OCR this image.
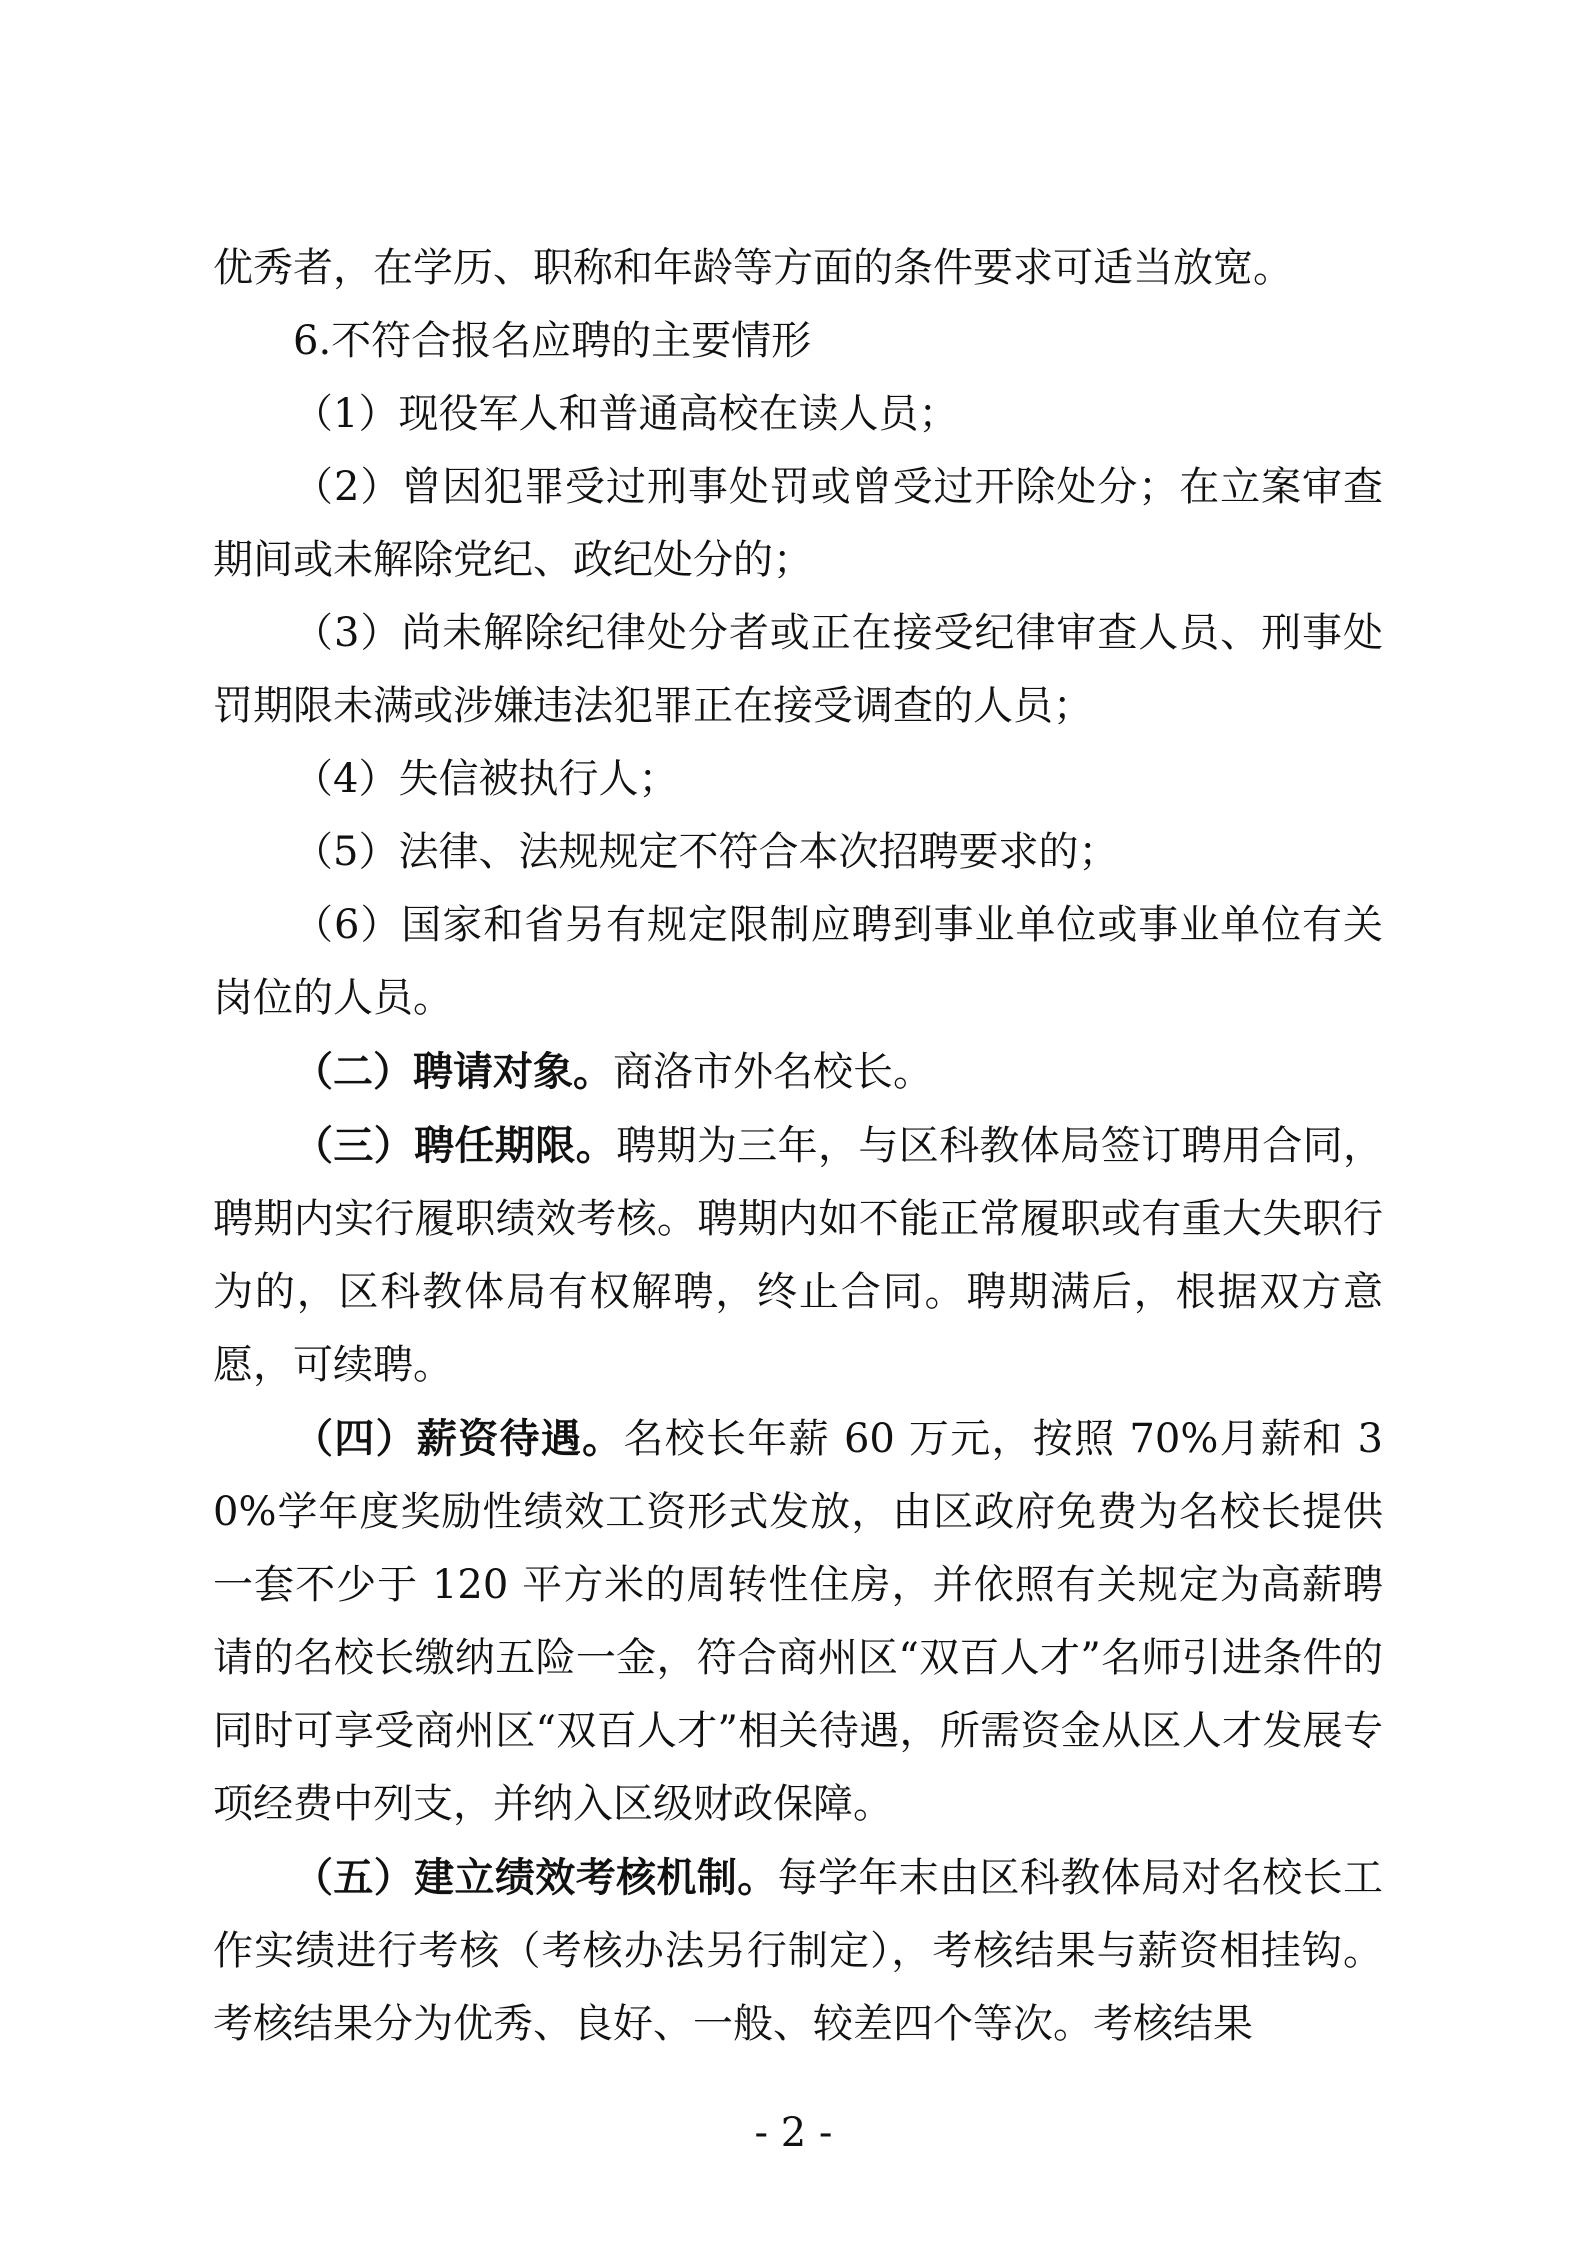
优秀者，在学历、职称和年龄等方面的条件要求可适当放宽。

6.不符合报名应聘的主要情形

（1）现役军人和普通高校在读人员；

（2）曾因犯罪受过刑事处罚或曾受过开除处分；在立案审查期间或未解除党纪、政纪处分的；

（3）尚未解除纪律处分者或正在接受纪律审查人员、刑事处罚期限未满或涉嫌违法犯罪正在接受调查的人员；

（4）失信被执行人；

（5）法律、法规规定不符合本次招聘要求的；

（6）国家和省另有规定限制应聘到事业单位或事业单位有关岗位的人员。

（二）聘请对象。商洛市外名校长。

（三）聘任期限。聘期为三年，与区科教体局签订聘用合同，聘期内实行履职绩效考核。聘期内如不能正常履职或有重大失职行为的，区科教体局有权解聘，终止合同。聘期满后，根据双方意愿，可续聘。

（四）薪资待遇。名校长年薪 60 万元，按照 70%月薪和 30%学年度奖励性绩效工资形式发放，由区政府免费为名校长提供一套不少于 120 平方米的周转性住房，并依照有关规定为高薪聘请的名校长缴纳五险一金，符合商州区“双百人才”名师引进条件的同时可享受商州区“双百人才”相关待遇，所需资金从区人才发展专项经费中列支，并纳入区级财政保障。

（五）建立绩效考核机制。每学年末由区科教体局对名校长工作实绩进行考核（考核办法另行制定），考核结果与薪资相挂钩。考核结果分为优秀、良好、一般、较差四个等次。考核结果

- 2 -
